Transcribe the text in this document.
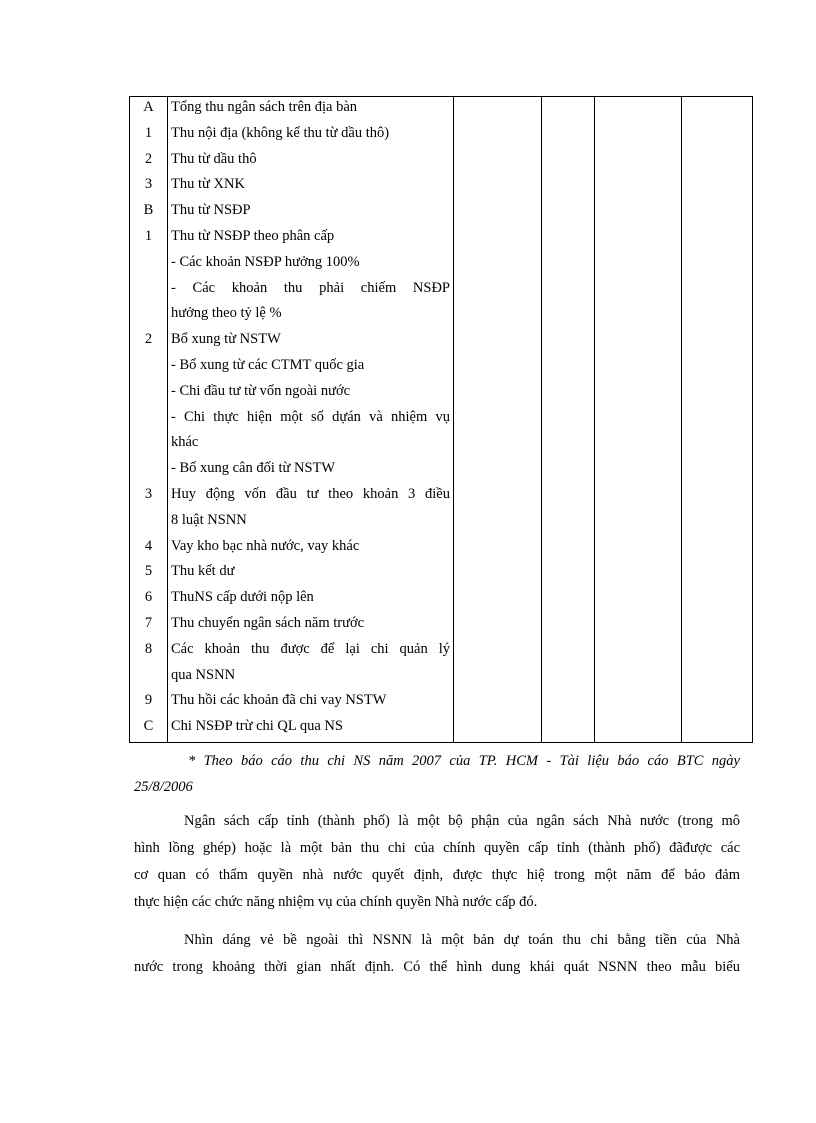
A	Tổng thu ngân sách trên địa bàn				

1	Thu nội địa (không kể thu từ dầu thô)				

2	Thu từ dầu thô				

3	Thu từ XNK				

B	Thu từ NSĐP				

1	Thu từ NSĐP theo phân cấp				

	- Các khoản NSĐP hưởng 100%				

	- Các khoản thu phải chiếm NSĐP
hưởng theo tỷ lệ %				

2	Bổ xung từ NSTW				

	- Bổ xung từ các CTMT quốc gia				

	- Chi đầu tư từ vốn ngoài nước				

	- Chi thực hiện một số dựán và nhiệm vụ
khác				

	- Bổ xung cân đối từ NSTW				

3	Huy động vốn đầu tư theo khoản 3 điều
8 luật NSNN				

4	Vay kho bạc nhà nước, vay khác				

5	Thu kết dư				

6	ThuNS cấp dưới nộp lên				

7	Thu chuyển ngân sách năm trước				

8	Các khoản thu được để lại chi quản lý
qua NSNN				

9	Thu hồi các khoản đã chi vay NSTW				

C	Chi NSĐP trừ chi QL qua NS				

* Theo báo cáo thu chi NS năm 2007 của TP. HCM - Tài liệu báo cáo BTC ngày
25/8/2006
Ngân sách cấp tỉnh (thành phố) là một bộ phận của ngân sách Nhà nước (trong mô
hình lồng ghép) hoặc là một bản thu chi của chính quyền cấp tỉnh (thành phố) đãđược các
cơ quan có thẩm quyền nhà nước quyết định, được thực hiệ trong một năm để bảo đảm
thực hiện các chức năng nhiệm vụ của chính quyền Nhà nước cấp đó.
Nhìn dáng vẻ bề ngoài thì NSNN là một bản dự toán thu chi bằng tiền của Nhà
nước trong khoảng thời gian nhất định. Có thể hình dung khái quát NSNN theo mẫu biểu
